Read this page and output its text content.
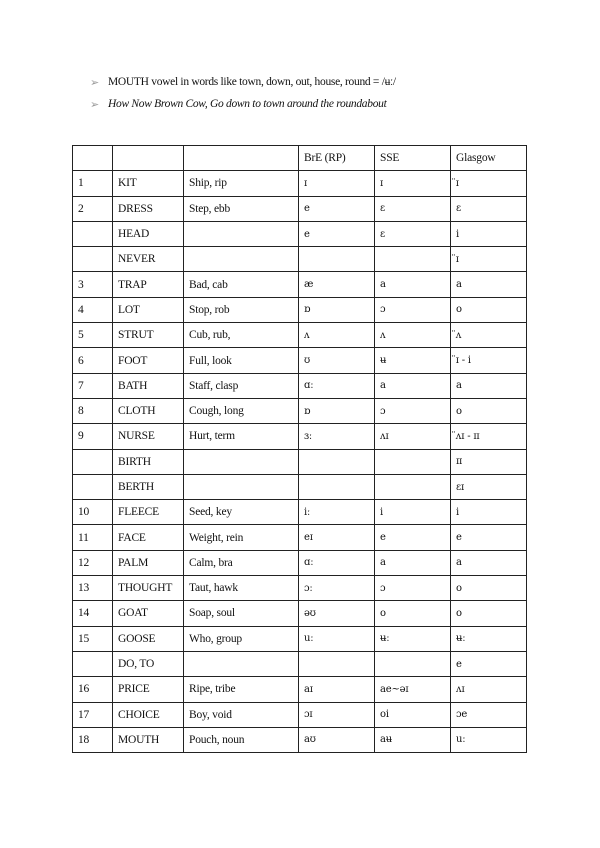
➢ MOUTH vowel in words like town, down, out, house, round = /ʉː/
➢ How Now Brown Cow, Go down to town around the roundabout
			BrE (RP)	SSE	Glasgow
1	KIT	Ship, rip	ɪ	ɪ	̈ɪ
2	DRESS	Step, ebb	e	ɛ	ɛ
	HEAD		e	ɛ	i
	NEVER				̈ɪ
3	TRAP	Bad, cab	æ	a	a
4	LOT	Stop, rob	ɒ	ɔ	o
5	STRUT	Cub, rub,	ʌ	ʌ	̈ʌ
6	FOOT	Full, look	ʊ	ʉ	̈ɪ - i
7	BATH	Staff, clasp	ɑː	a	a
8	CLOTH	Cough, long	ɒ	ɔ	o
9	NURSE	Hurt, term	ɜː	ʌɪ	̈ʌɪ - ɪɪ
	BIRTH				ɪɪ
	BERTH				ɛɪ
10	FLEECE	Seed, key	iː	i	i
11	FACE	Weight, rein	eɪ	e	e
12	PALM	Calm, bra	ɑː	a	a
13	THOUGHT	Taut, hawk	ɔː	ɔ	o
14	GOAT	Soap, soul	əʊ	o	o
15	GOOSE	Who, group	uː	ʉ̶ː	ʉ̶ː
	DO, TO				e
16	PRICE	Ripe, tribe	aɪ	ae~əɪ	ʌɪ
17	CHOICE	Boy, void	ɔɪ	oi	ɔe
18	MOUTH	Pouch, noun	aʊ	aʉ	uː
